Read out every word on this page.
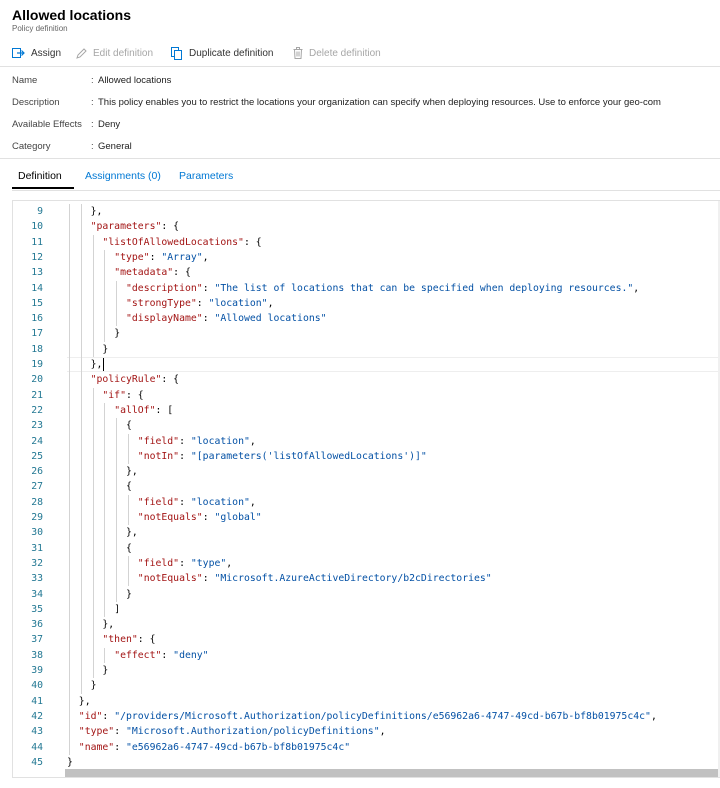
Allowed locations
Policy definition
Assign	Edit definition	Duplicate definition	Delete definition
Name	: Allowed locations
Description	: This policy enables you to restrict the locations your organization can specify when deploying resources. Use to enforce your geo-com
Available Effects : Deny
Category	: General
Definition Assignments (0) Parameters
9	},
10	"parameters": {
11	"listOfAllowedLocations": {
12	"type": "Array",
13	"metadata": {
14	"description": "The list of locations that can be specified when deploying resources.",
15	"strongType": "location",
16	"displayName": "Allowed locations"
17	}
18	}
19	},
20	"policyRule": {
21	"if": {
22	"allOf": [
23	{
24	"field": "location",
25	"notIn": "[parameters('listOfAllowedLocations')]"
26	},
27	{
28	"field": "location",
29	"notEquals": "global"
30	},
31	{
32	"field": "type",
33	"notEquals": "Microsoft.AzureActiveDirectory/b2cDirectories"
34	}
35	]
36	},
37	"then": {
38	"effect": "deny"
39	}
40	}
41	},
42	"id": "/providers/Microsoft.Authorization/policyDefinitions/e56962a6-4747-49cd-b67b-bf8b01975c4c",
43	"type": "Microsoft.Authorization/policyDefinitions",
44	"name": "e56962a6-4747-49cd-b67b-bf8b01975c4c"
45 }
